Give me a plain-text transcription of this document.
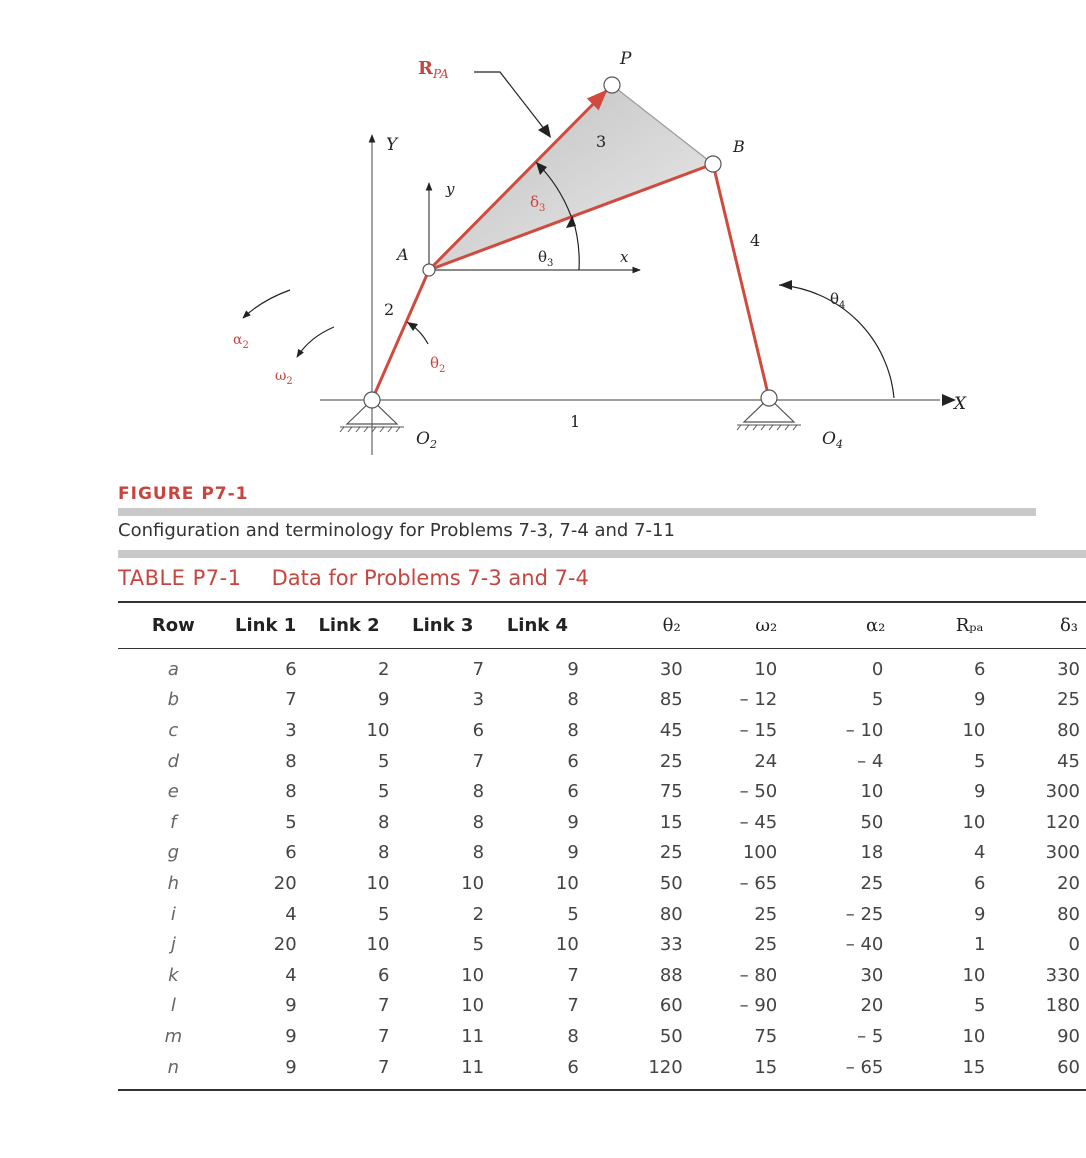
$R_{PA}$
P
B
A
Y
y
x
X
$O_2$	$O_4$
1
2
3
4
$\delta_3$
$\theta_3$
$\theta_2$
$\theta_4$
$\alpha_2$
$\omega_2$
FIGURE P7-1
Configuration and terminology for Problems 7-3, 7-4 and 7-11
TABLE P7-1 Data for Problems 7-3 and 7-4
Row	Link 1	Link 2	Link 3	Link 4	θ₂	ω₂	α₂	Rₚₐ	δ₃
a	6	2	7	9	30	10	0	6	30
b	7	9	3	8	85	– 12	5	9	25
c	3	10	6	8	45	– 15	– 10	10	80
d	8	5	7	6	25	24	– 4	5	45
e	8	5	8	6	75	– 50	10	9	300
f	5	8	8	9	15	– 45	50	10	120
g	6	8	8	9	25	100	18	4	300
h	20	10	10	10	50	– 65	25	6	20
i	4	5	2	5	80	25	– 25	9	80
j	20	10	5	10	33	25	– 40	1	0
k	4	6	10	7	88	– 80	30	10	330
l	9	7	10	7	60	– 90	20	5	180
m	9	7	11	8	50	75	– 5	10	90
n	9	7	11	6	120	15	– 65	15	60
